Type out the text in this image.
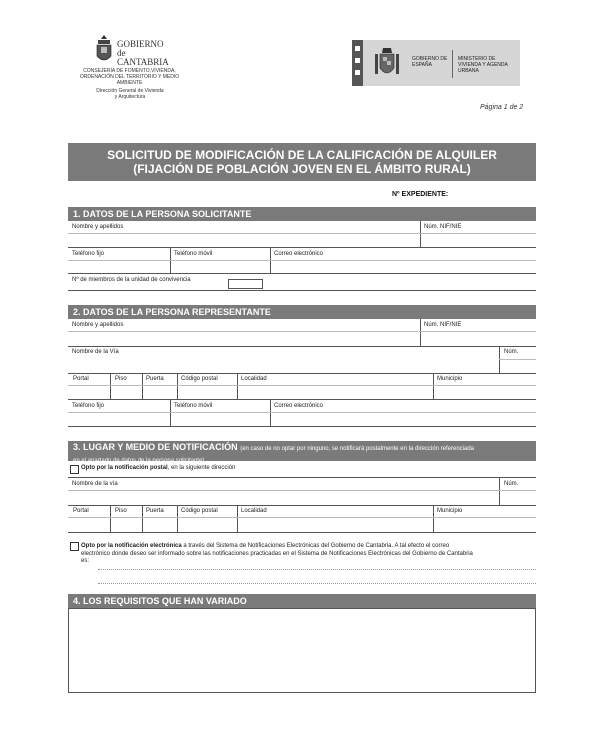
GOBIERNO
de
CANTABRIA
CONSEJERÍA DE FOMENTO,VIVIENDA, ORDENACIÓN DEL TERRITORIO Y MEDIO AMBIENTE
Dirección General de Vivienda y Arquitectura
GOBIERNO DE ESPAÑA
MINISTERIO DE VIVIENDA Y AGENDA URBANA
Página 1 de 2
SOLICITUD DE MODIFICACIÓN DE LA CALIFICACIÓN DE ALQUILER
(FIJACIÓN DE POBLACIÓN JOVEN EN EL ÁMBITO RURAL)
Nº EXPEDIENTE:
1. DATOS DE LA PERSONA SOLICITANTE
Nombre y apellidos	Núm. NIF/NIE
Teléfono fijo	Teléfono móvil	Correo electrónico
Nº de miembros de la unidad de convivencia
2. DATOS DE LA PERSONA REPRESENTANTE
Nombre y apellidos	Núm. NIF/NIE
Nombre de la Vía	Núm.
Portal	Piso	Puerta	Código postal	Localidad	Municipio
Teléfono fijo	Teléfono móvil	Correo electrónico
3. LUGAR Y MEDIO DE NOTIFICACIÓN (en caso de no optar por ninguno, se notificará postalmente en la dirección referenciada
en el apartado de datos de la persona solicitante)
Opto por la notificación postal, en la siguiente dirección
Nombre de la vía	Núm.
Portal	Piso	Puerta	Código postal	Localidad	Municipio
Opto por la notificación electrónica a través del Sistema de Notificaciones Electrónicas del Gobierno de Cantabria. A tal efecto el correo
electrónico donde deseo ser informado sobre las notificaciones practicadas en el Sistema de Notificaciones Electrónicas del Gobierno de Cantabria
es:
4. LOS REQUISITOS QUE HAN VARIADO
